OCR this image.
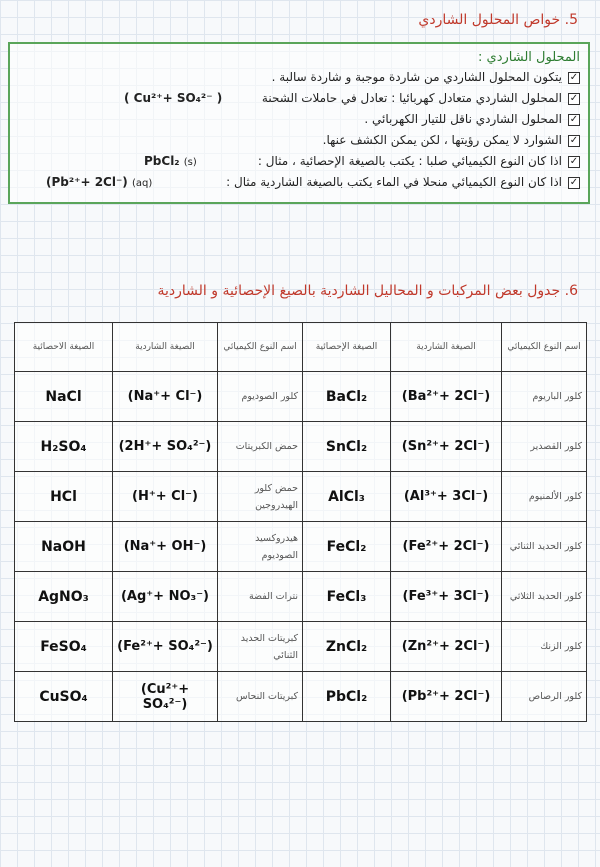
5. خواص المحلول الشاردي
المحلول الشاردي :
✓
يتكون المحلول الشاردي من شاردة موجبة و شاردة سالبة .
✓
المحلول الشاردي متعادل كهربائيا : تعادل في حاملات الشحنة
( Cu²⁺+ SO₄²⁻ )
✓
المحلول الشاردي ناقل للتيار الكهربائي .
✓
الشوارد لا يمكن رؤيتها ، لكن يمكن الكشف عنها.
✓
اذا كان النوع الكيميائي صلبا : يكتب بالصيغة الإحصائية ، مثال :
PbCl₂ (s)
✓
اذا كان النوع الكيميائي منحلا في الماء يكتب بالصيغة الشاردية مثال :
(Pb²⁺+ 2Cl⁻) (aq)
6. جدول بعض المركبات و المحاليل الشاردية بالصيغ الإحصائية و الشاردية
الصيغة الاحصائية	الصيغة الشاردية	اسم النوع الكيميائي	الصيغة الإحصائية	الصيغة الشاردية	اسم النوع الكيميائي
NaCl	(Na⁺+ Cl⁻)	كلور الصوديوم	BaCl₂	(Ba²⁺+ 2Cl⁻)	كلور الباريوم
H₂SO₄	(2H⁺+ SO₄²⁻)	حمض الكبريتات	SnCl₂	(Sn²⁺+ 2Cl⁻)	كلور القصدير
HCl	(H⁺+ Cl⁻)	حمض كلور الهيدروجين	AlCl₃	(Al³⁺+ 3Cl⁻)	كلور الألمنيوم
NaOH	(Na⁺+ OH⁻)	هيدروكسيد الصوديوم	FeCl₂	(Fe²⁺+ 2Cl⁻)	كلور الحديد الثنائي
AgNO₃	(Ag⁺+ NO₃⁻)	نترات الفضة	FeCl₃	(Fe³⁺+ 3Cl⁻)	كلور الحديد الثلاثي
FeSO₄	(Fe²⁺+ SO₄²⁻)	كبريتات الحديد الثنائي	ZnCl₂	(Zn²⁺+ 2Cl⁻)	كلور الزنك
CuSO₄	(Cu²⁺+ SO₄²⁻)	كبريتات النحاس	PbCl₂	(Pb²⁺+ 2Cl⁻)	كلور الرصاص
